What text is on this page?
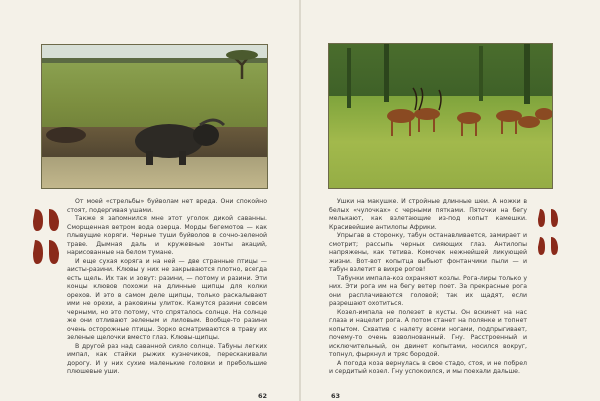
От моей «стрельбы» буйволам нет вреда. Они спокойно стоят, подергивая ушами.

Также я запомнился мне этот уголок дикой саванны. Сморщенная ветром вода озерца. Морды бегемотов — как плывущие коряги. Черные туши буйволов в сочно-зеленой траве. Дымная даль и кружевные зонты акаций, нарисованные на белом тумане.

И еще сухая коряга и на ней — две странные птицы — аисты-разини. Клювы у них не закрываются плотно, всегда есть щель. Их так и зовут: разини, — потому и разини. Эти концы клювов похожи на длинные щипцы для колки орехов. И это в самом деле щипцы, только раскалывают ими не орехи, а раковины улиток. Кажутся разини совсем черными, но это потому, что спряталось солнце. На солнце же они отливают зеленым и лиловым. Вообще-то разини очень осторожные птицы. Зорко всматриваются в траву их зеленые щелочки вместо глаз. Клювы-щипцы.

В другой раз над саванной сияло солнце. Табуны легких импал, как стайки рыжих кузнечиков, перескакивали дорогу. И у них сухие маленькие головки и пребольшие плюшевые уши.

Ушки на макушке. И стройные длинные шеи. А ножки в белых «чулочках» с черными пятками. Пяточки на бегу мелькают, как взлетающие из-под копыт камешки. Красивейшие антилопы Африки.

Упрыгав в сторонку, табун останавливается, замирает и смотрит; рассыпь черных сияющих глаз. Антилопы напряжены, как тетива. Комочек нежнейшей ликующей жизни. Вот-вот копытца выбьют фонтанчики пыли — и табун взлетит в вихре рогов!

Табунки импала-коз охраняют козлы. Рога-лиры только у них. Эти рога им на бегу ветер поет. За прекрасные рога они расплачиваются головой; так их щадят, если разрешают охотиться.

Козел-импала не полезет в кусты. Он вскинет на нас глаза и нацелит рога. А потом станет на полянке и топнет копытом. Схватив с налету всеми ногами, подпрыгивает, почему-то очень взволнованный. Гну. Расстроенный и исключительный, он двинет копытами, носился вокруг, топнул, фыркнул и тряс бородой.

А погода коза вернулась в свое стадо, стоя, и не побрел и сердитый козел. Гну успокоился, и мы поехали дальше.

62	63
